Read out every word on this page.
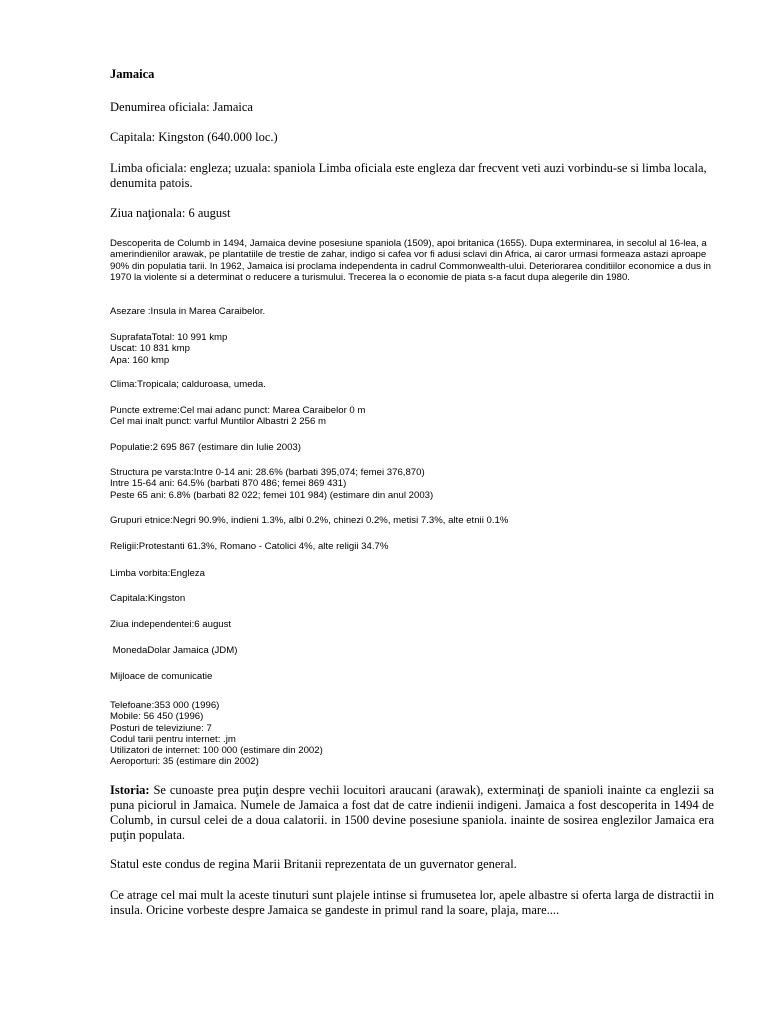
Jamaica

Denumirea oficiala: Jamaica

Capitala: Kingston (640.000 loc.)

Limba oficiala: engleza; uzuala: spaniola Limba oficiala este engleza dar frecvent veti auzi vorbindu-se si limba locala, denumita patois.

Ziua naţionala: 6 august

Descoperita de Columb in 1494, Jamaica devine posesiune spaniola (1509), apoi britanica (1655). Dupa exterminarea, in secolul al 16-lea, a amerindienilor arawak, pe plantatiile de trestie de zahar, indigo si cafea vor fi adusi sclavi din Africa, ai caror urmasi formeaza astazi aproape 90% din populatia tarii. In 1962, Jamaica isi proclama independenta in cadrul Commonwealth-ului. Deteriorarea conditiilor economice a dus in 1970 la violente si a determinat o reducere a turismului. Trecerea la o economie de piata s-a facut dupa alegerile din 1980.

Asezare :Insula in Marea Caraibelor.

SuprafataTotal: 10 991 kmp
Uscat: 10 831 kmp
Apa: 160 kmp

Clima:Tropicala; calduroasa, umeda.

Puncte extreme:Cel mai adanc punct: Marea Caraibelor 0 m
Cel mai inalt punct: varful Muntilor Albastri 2 256 m

Populatie:2 695 867 (estimare din Iulie 2003)

Structura pe varsta:Intre 0-14 ani: 28.6% (barbati 395,074; femei 376,870)
Intre 15-64 ani: 64.5% (barbati 870 486; femei 869 431)
Peste 65 ani: 6.8% (barbati 82 022; femei 101 984) (estimare din anul 2003)

Grupuri etnice:Negri 90.9%, indieni 1.3%, albi 0.2%, chinezi 0.2%, metisi 7.3%, alte etnii 0.1%

Religii:Protestanti 61.3%, Romano - Catolici 4%, alte religii 34.7%

Limba vorbita:Engleza

Capitala:Kingston

Ziua independentei:6 august

MonedaDolar Jamaica (JDM)

Mijloace de comunicatie

Telefoane:353 000 (1996)
Mobile: 56 450 (1996)
Posturi de televiziune: 7
Codul tarii pentru internet: .jm
Utilizatori de internet: 100 000 (estimare din 2002)
Aeroporturi: 35 (estimare din 2002)

Istoria: Se cunoaste prea puţin despre vechii locuitori araucani (arawak), exterminaţi de spanioli inainte ca englezii sa puna piciorul in Jamaica. Numele de Jamaica a fost dat de catre indienii indigeni. Jamaica a fost descoperita in 1494 de Columb, in cursul celei de a doua calatorii. in 1500 devine posesiune spaniola. inainte de sosirea englezilor Jamaica era puţin populata.

Statul este condus de regina Marii Britanii reprezentata de un guvernator general.

Ce atrage cel mai mult la aceste tinuturi sunt plajele intinse si frumusetea lor, apele albastre si oferta larga de distractii in insula. Oricine vorbeste despre Jamaica se gandeste in primul rand la soare, plaja, mare....
